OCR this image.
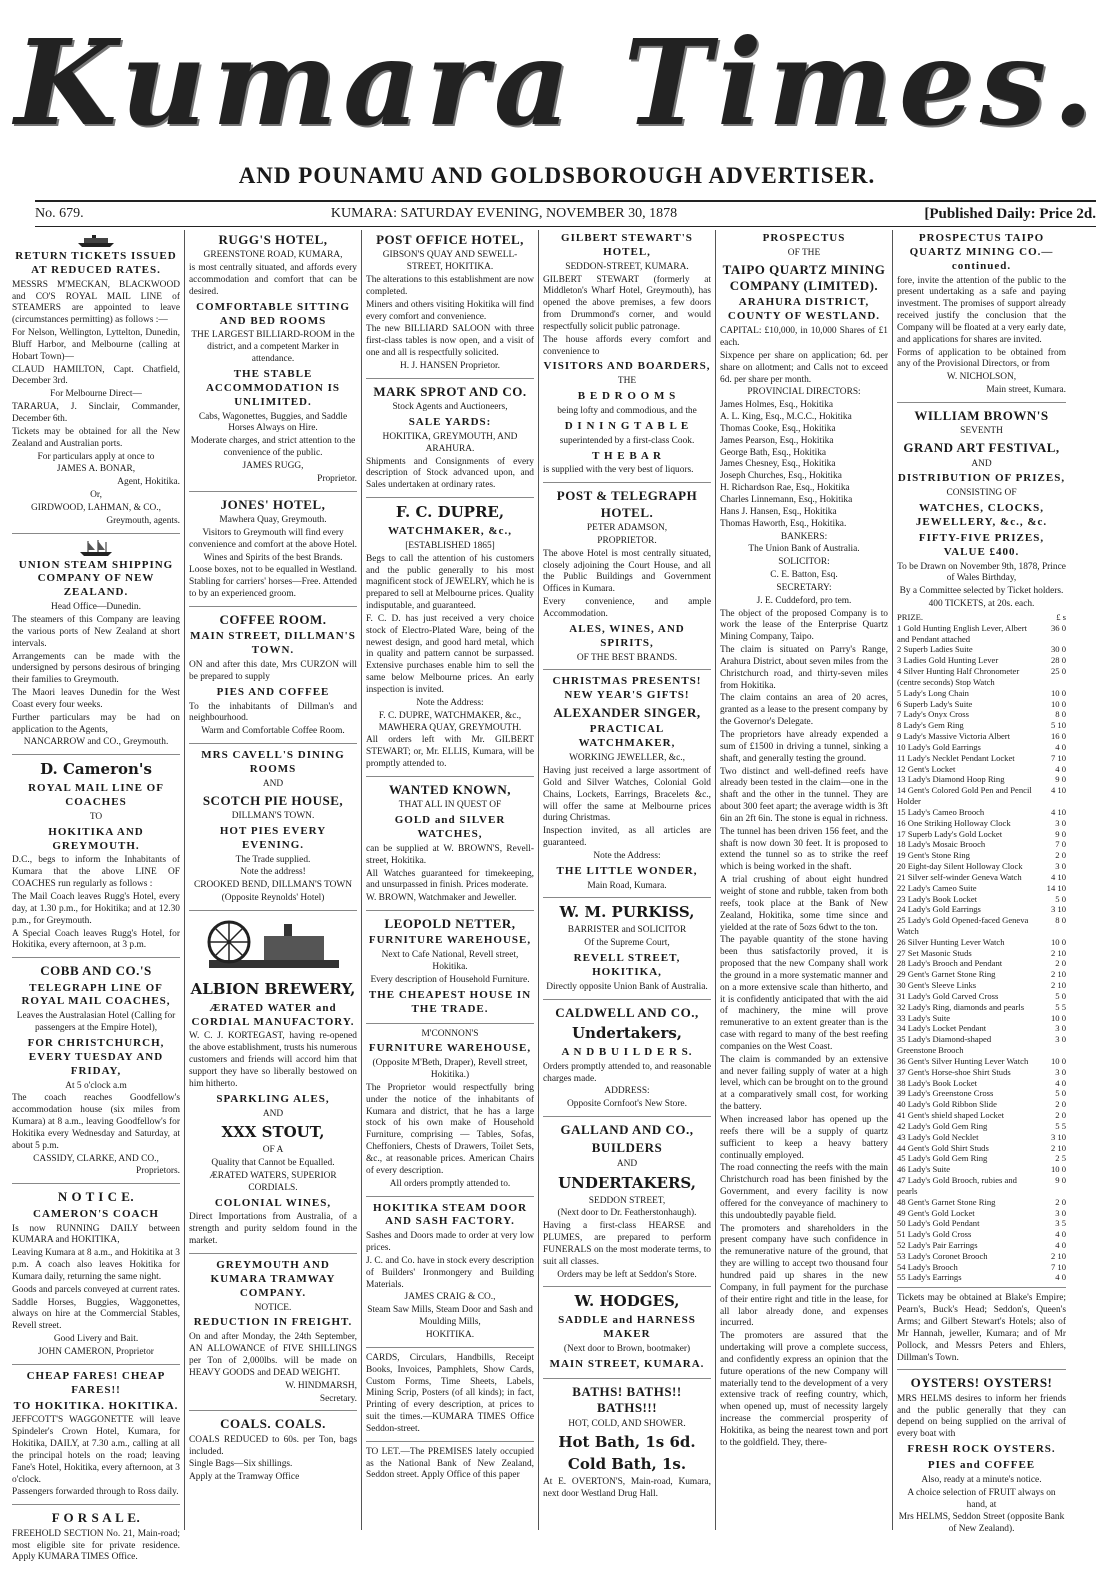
Kumara Times.
AND POUNAMU AND GOLDSBOROUGH ADVERTISER.
No. 679.	KUMARA: SATURDAY EVENING, NOVEMBER 30, 1878	[Published Daily: Price 2d.
RETURN TICKETS ISSUED AT REDUCED RATES.
MESSRS M'MECKAN, BLACKWOOD and CO'S ROYAL MAIL LINE of STEAMERS are appointed to leave (circumstances permitting) as follows :—
For Nelson, Wellington, Lyttelton, Dunedin, Bluff Harbor, and Melbourne (calling at Hobart Town)—
CLAUD HAMILTON, Capt. Chatfield, December 3rd.
For Melbourne Direct—
TARARUA, J. Sinclair, Commander, December 6th.
Tickets may be obtained for all the New Zealand and Australian ports.
For particulars apply at once to
JAMES A. BONAR,
Agent, Hokitika.
Or,
GIRDWOOD, LAHMAN, & CO.,
Greymouth, agents.
UNION STEAM SHIPPING COMPANY OF NEW ZEALAND.
Head Office—Dunedin.
The steamers of this Company are leaving the various ports of New Zealand at short intervals.
Arrangements can be made with the undersigned by persons desirous of bringing their families to Greymouth.
The Maori leaves Dunedin for the West Coast every four weeks.
Further particulars may be had on application to the Agents,
NANCARROW and CO., Greymouth.
D. Cameron's
ROYAL MAIL LINE OF COACHES
TO
HOKITIKA AND GREYMOUTH.
D.C., begs to inform the Inhabitants of Kumara that the above LINE OF COACHES run regularly as follows :
The Mail Coach leaves Rugg's Hotel, every day, at 1.30 p.m., for Hokitika; and at 12.30 p.m., for Greymouth.
A Special Coach leaves Rugg's Hotel, for Hokitika, every afternoon, at 3 p.m.
COBB AND CO.'S
TELEGRAPH LINE OF ROYAL MAIL COACHES,
Leaves the Australasian Hotel (Calling for passengers at the Empire Hotel),
FOR CHRISTCHURCH, EVERY TUESDAY AND FRIDAY,
At 5 o'clock a.m
The coach reaches Goodfellow's accommodation house (six miles from Kumara) at 8 a.m., leaving Goodfellow's for Hokitika every Wednesday and Saturday, at about 5 p.m.
CASSIDY, CLARKE, AND CO.,
Proprietors.
N O T I C E.
CAMERON'S COACH
Is now RUNNING DAILY between KUMARA and HOKITIKA,
Leaving Kumara at 8 a.m., and Hokitika at 3 p.m. A coach also leaves Hokitika for Kumara daily, returning the same night.
Goods and parcels conveyed at current rates.
Saddle Horses, Buggies, Waggonettes, always on hire at the Commercial Stables, Revell street.
Good Livery and Bait.
JOHN CAMERON, Proprietor
CHEAP FARES! CHEAP FARES!!
TO HOKITIKA. HOKITIKA.
JEFFCOTT'S WAGGONETTE will leave Spindeler's Crown Hotel, Kumara, for Hokitika, DAILY, at 7.30 a.m., calling at all the principal hotels on the road; leaving Fane's Hotel, Hokitika, every afternoon, at 3 o'clock.
Passengers forwarded through to Ross daily.
F O R S A L E.
FREEHOLD SECTION No. 21, Main-road; most eligible site for private residence. Apply KUMARA TIMES Office.
RUGG'S HOTEL,
GREENSTONE ROAD, KUMARA,
is most centrally situated, and affords every accommodation and comfort that can be desired.
COMFORTABLE SITTING AND BED ROOMS
THE LARGEST BILLIARD-ROOM in the district, and a competent Marker in attendance.
THE STABLE ACCOMMODATION IS UNLIMITED.
Cabs, Wagonettes, Buggies, and Saddle Horses Always on Hire.
Moderate charges, and strict attention to the convenience of the public.
JAMES RUGG,
Proprietor.
JONES' HOTEL,
Mawhera Quay, Greymouth.
Visitors to Greymouth will find every convenience and comfort at the above Hotel.
Wines and Spirits of the best Brands.
Loose boxes, not to be equalled in Westland. Stabling for carriers' horses—Free. Attended to by an experienced groom.
COFFEE ROOM.
MAIN STREET, DILLMAN'S TOWN.
ON and after this date, Mrs CURZON will be prepared to supply
PIES AND COFFEE
To the inhabitants of Dillman's and neighbourhood.
Warm and Comfortable Coffee Room.
MRS CAVELL'S DINING ROOMS
AND
SCOTCH PIE HOUSE,
DILLMAN'S TOWN.
HOT PIES EVERY EVENING.
The Trade supplied.
Note the address!
CROOKED BEND, DILLMAN'S TOWN
(Opposite Reynolds' Hotel)
ALBION BREWERY,
ÆRATED WATER and CORDIAL MANUFACTORY.
W. C. J. KORTEGAST, having re-opened the above establishment, trusts his numerous customers and friends will accord him that support they have so liberally bestowed on him hitherto.
SPARKLING ALES,
AND
XXX STOUT,
OF A
Quality that Cannot be Equalled.
ÆRATED WATERS, SUPERIOR CORDIALS.
COLONIAL WINES,
Direct Importations from Australia, of a strength and purity seldom found in the market.
GREYMOUTH AND KUMARA TRAMWAY COMPANY.
NOTICE.
REDUCTION IN FREIGHT.
On and after Monday, the 24th September, AN ALLOWANCE of FIVE SHILLINGS per Ton of 2,000lbs. will be made on HEAVY GOODS and DEAD WEIGHT.
W. HINDMARSH,
Secretary.
COALS. COALS.
COALS REDUCED to 60s. per Ton, bags included.
Single Bags—Six shillings.
Apply at the Tramway Office
POST OFFICE HOTEL,
GIBSON'S QUAY AND SEWELL-STREET, HOKITIKA.
The alterations to this establishment are now completed.
Miners and others visiting Hokitika will find every comfort and convenience.
The new BILLIARD SALOON with three first-class tables is now open, and a visit of one and all is respectfully solicited.
H. J. HANSEN Proprietor.
MARK SPROT AND CO.
Stock Agents and Auctioneers,
SALE YARDS:
HOKITIKA, GREYMOUTH, AND ARAHURA.
Shipments and Consignments of every description of Stock advanced upon, and Sales undertaken at ordinary rates.
F. C. DUPRE,
WATCHMAKER, &c.,
[ESTABLISHED 1865]
Begs to call the attention of his customers and the public generally to his most magnificent stock of JEWELRY, which he is prepared to sell at Melbourne prices. Quality indisputable, and guaranteed.
F. C. D. has just received a very choice stock of Electro-Plated Ware, being of the newest design, and good hard metal, which in quality and pattern cannot be surpassed. Extensive purchases enable him to sell the same below Melbourne prices. An early inspection is invited.
Note the Address:
F. C. DUPRE, WATCHMAKER, &c., MAWHERA QUAY, GREYMOUTH.
All orders left with Mr. GILBERT STEWART; or, Mr. ELLIS, Kumara, will be promptly attended to.
WANTED KNOWN,
THAT ALL IN QUEST OF
GOLD and SILVER WATCHES,
can be supplied at W. BROWN'S, Revell-street, Hokitika.
All Watches guaranteed for timekeeping, and unsurpassed in finish. Prices moderate.
W. BROWN, Watchmaker and Jeweller.
LEOPOLD NETTER,
FURNITURE WAREHOUSE,
Next to Cafe National, Revell street, Hokitika.
Every description of Household Furniture.
THE CHEAPEST HOUSE IN THE TRADE.
M'CONNON'S
FURNITURE WAREHOUSE,
(Opposite M'Beth, Draper), Revell street, Hokitika.)
The Proprietor would respectfully bring under the notice of the inhabitants of Kumara and district, that he has a large stock of his own make of Household Furniture, comprising — Tables, Sofas, Cheffoniers, Chests of Drawers, Toilet Sets, &c., at reasonable prices. American Chairs of every description.
All orders promptly attended to.
HOKITIKA STEAM DOOR AND SASH FACTORY.
Sashes and Doors made to order at very low prices.
J. C. and Co. have in stock every description of Builders' Ironmongery and Building Materials.
JAMES CRAIG & CO.,
Steam Saw Mills, Steam Door and Sash and Moulding Mills,
HOKITIKA.
CARDS, Circulars, Handbills, Receipt Books, Invoices, Pamphlets, Show Cards, Custom Forms, Time Sheets, Labels, Mining Scrip, Posters (of all kinds); in fact, Printing of every description, at prices to suit the times.—KUMARA TIMES Office Seddon-street.
TO LET.—The PREMISES lately occupied as the National Bank of New Zealand, Seddon street. Apply Office of this paper
GILBERT STEWART'S HOTEL,
SEDDON-STREET, KUMARA.
GILBERT STEWART (formerly at Middleton's Wharf Hotel, Greymouth), has opened the above premises, a few doors from Drummond's corner, and would respectfully solicit public patronage.
The house affords every comfort and convenience to
VISITORS AND BOARDERS,
THE
B E D R O O M S
being lofty and commodious, and the
D I N I N G T A B L E
superintended by a first-class Cook.
T H E B A R
is supplied with the very best of liquors.
POST & TELEGRAPH HOTEL.
PETER ADAMSON,
PROPRIETOR.
The above Hotel is most centrally situated, closely adjoining the Court House, and all the Public Buildings and Government Offices in Kumara.
Every convenience, and ample Accommodation.
ALES, WINES, AND SPIRITS,
OF THE BEST BRANDS.
CHRISTMAS PRESENTS! NEW YEAR'S GIFTS!
ALEXANDER SINGER,
PRACTICAL WATCHMAKER,
WORKING JEWELLER, &c.,
Having just received a large assortment of Gold and Silver Watches, Colonial Gold Chains, Lockets, Earrings, Bracelets &c., will offer the same at Melbourne prices during Christmas.
Inspection invited, as all articles are guaranteed.
Note the Address:
THE LITTLE WONDER,
Main Road, Kumara.
W. M. PURKISS,
BARRISTER and SOLICITOR
Of the Supreme Court,
REVELL STREET, HOKITIKA,
Directly opposite Union Bank of Australia.
CALDWELL AND CO.,
Undertakers,
A N D B U I L D E R S.
Orders promptly attended to, and reasonable charges made.
ADDRESS:
Opposite Cornfoot's New Store.
GALLAND AND CO.,
BUILDERS
AND
UNDERTAKERS,
SEDDON STREET,
(Next door to Dr. Featherstonhaugh).
Having a first-class HEARSE and PLUMES, are prepared to perform FUNERALS on the most moderate terms, to suit all classes.
Orders may be left at Seddon's Store.
W. HODGES,
SADDLE and HARNESS MAKER
(Next door to Brown, bootmaker)
MAIN STREET, KUMARA.
BATHS! BATHS!! BATHS!!!
HOT, COLD, AND SHOWER.
Hot Bath, 1s 6d.
Cold Bath, 1s.
At E. OVERTON'S, Main-road, Kumara, next door Westland Drug Hall.
PROSPECTUS
OF THE
TAIPO QUARTZ MINING COMPANY (LIMITED).
ARAHURA DISTRICT, COUNTY OF WESTLAND.
CAPITAL: £10,000, in 10,000 Shares of £1 each.
Sixpence per share on application; 6d. per share on allotment; and Calls not to exceed 6d. per share per month.
PROVINCIAL DIRECTORS:
James Holmes, Esq., Hokitika
A. L. King, Esq., M.C.C., Hokitika
Thomas Cooke, Esq., Hokitika
James Pearson, Esq., Hokitika
George Bath, Esq., Hokitika
James Chesney, Esq., Hokitika
Joseph Churches, Esq., Hokitika
H. Richardson Rae, Esq., Hokitika
Charles Linnemann, Esq., Hokitika
Hans J. Hansen, Esq., Hokitika
Thomas Haworth, Esq., Hokitika.
BANKERS:
The Union Bank of Australia.
SOLICITOR:
C. E. Batton, Esq.
SECRETARY:
J. E. Cuddeford, pro tem.
The object of the proposed Company is to work the lease of the Enterprise Quartz Mining Company, Taipo.
The claim is situated on Parry's Range, Arahura District, about seven miles from the Christchurch road, and thirty-seven miles from Hokitika.
The claim contains an area of 20 acres, granted as a lease to the present company by the Governor's Delegate.
The proprietors have already expended a sum of £1500 in driving a tunnel, sinking a shaft, and generally testing the ground.
Two distinct and well-defined reefs have already been tested in the claim—one in the shaft and the other in the tunnel. They are about 300 feet apart; the average width is 3ft 6in an 2ft 6in. The stone is equal in richness.
The tunnel has been driven 156 feet, and the shaft is now down 30 feet. It is proposed to extend the tunnel so as to strike the reef which is being worked in the shaft.
A trial crushing of about eight hundred weight of stone and rubble, taken from both reefs, took place at the Bank of New Zealand, Hokitika, some time since and yielded at the rate of 5ozs 6dwt to the ton.
The payable quantity of the stone having been thus satisfactorily proved, it is proposed that the new Company shall work the ground in a more systematic manner and on a more extensive scale than hitherto, and it is confidently anticipated that with the aid of machinery, the mine will prove remunerative to an extent greater than is the case with regard to many of the best reefing companies on the West Coast.
The claim is commanded by an extensive and never failing supply of water at a high level, which can be brought on to the ground at a comparatively small cost, for working the battery.
When increased labor has opened up the reefs there will be a supply of quartz sufficient to keep a heavy battery continually employed.
The road connecting the reefs with the main Christchurch road has been finished by the Government, and every facility is now offered for the conveyance of machinery to this undoubtedly payable field.
The promoters and shareholders in the present company have such confidence in the remunerative nature of the ground, that they are willing to accept two thousand four hundred paid up shares in the new Company, in full payment for the purchase of their entire right and title in the lease, for all labor already done, and expenses incurred.
The promoters are assured that the undertaking will prove a complete success, and confidently express an opinion that the future operations of the new Company will materially tend to the development of a very extensive track of reefing country, which, when opened up, must of necessity largely increase the commercial prosperity of Hokitika, as being the nearest town and port to the goldfield. They, there-
PROSPECTUS TAIPO QUARTZ MINING CO.—continued.
fore, invite the attention of the public to the present undertaking as a safe and paying investment. The promises of support already received justify the conclusion that the Company will be floated at a very early date, and applications for shares are invited.
Forms of application to be obtained from any of the Provisional Directors, or from
W. NICHOLSON,
Main street, Kumara.
WILLIAM BROWN'S
SEVENTH
GRAND ART FESTIVAL,
AND
DISTRIBUTION OF PRIZES,
CONSISTING OF
WATCHES, CLOCKS, JEWELLERY, &c., &c.
FIFTY-FIVE PRIZES, VALUE £400.
To be Drawn on November 9th, 1878, Prince of Wales Birthday,
By a Committee selected by Ticket holders.
400 TICKETS, at 20s. each.
PRIZE.	£ s
1 Gold Hunting English Lever, Albert and Pendant attached	36 0
2 Superb Ladies Suite	30 0
3 Ladies Gold Hunting Lever	28 0
4 Silver Hunting Half Chronometer (centre seconds) Stop Watch	25 0
5 Lady's Long Chain	10 0
6 Superb Lady's Suite	10 0
7 Lady's Onyx Cross	8 0
8 Lady's Gem Ring	5 10
9 Lady's Massive Victoria Albert	16 0
10 Lady's Gold Earrings	4 0
11 Lady's Necklet Pendant Locket	7 10
12 Gent's Locket	4 0
13 Lady's Diamond Hoop Ring	9 0
14 Gent's Colored Gold Pen and Pencil Holder	4 10
15 Lady's Cameo Brooch	4 10
16 One Striking Holloway Clock	3 0
17 Superb Lady's Gold Locket	9 0
18 Lady's Mosaic Brooch	7 0
19 Gent's Stone Ring	2 0
20 Eight-day Silent Holloway Clock	3 0
21 Silver self-winder Geneva Watch	4 10
22 Lady's Cameo Suite	14 10
23 Lady's Book Locket	5 0
24 Lady's Gold Earrings	3 10
25 Lady's Gold Opened-faced Geneva Watch	8 0
26 Silver Hunting Lever Watch	10 0
27 Set Masonic Studs	2 10
28 Lady's Brooch and Pendant	2 0
29 Gent's Garnet Stone Ring	2 10
30 Gent's Sleeve Links	2 10
31 Lady's Gold Carved Cross	5 0
32 Lady's Ring, diamonds and pearls	5 5
33 Lady's Suite	10 0
34 Lady's Locket Pendant	3 0
35 Lady's Diamond-shaped Greenstone Brooch	3 0
36 Gent's Silver Hunting Lever Watch	10 0
37 Gent's Horse-shoe Shirt Studs	3 0
38 Lady's Book Locket	4 0
39 Lady's Greenstone Cross	5 0
40 Lady's Gold Ribbon Slide	2 0
41 Gent's shield shaped Locket	2 0
42 Lady's Gold Gem Ring	5 5
43 Lady's Gold Necklet	3 10
44 Gent's Gold Shirt Studs	2 10
45 Lady's Gold Gem Ring	2 5
46 Lady's Suite	10 0
47 Lady's Gold Brooch, rubies and pearls	9 0
48 Gent's Garnet Stone Ring	2 0
49 Gent's Gold Locket	3 0
50 Lady's Gold Pendant	3 5
51 Lady's Gold Cross	4 0
52 Lady's Pair Earrings	4 0
53 Lady's Coronet Brooch	2 10
54 Lady's Brooch	7 10
55 Lady's Earrings	4 0
Tickets may be obtained at Blake's Empire; Pearn's, Buck's Head; Seddon's, Queen's Arms; and Gilbert Stewart's Hotels; also of Mr Hannah, jeweller, Kumara; and of Mr Pollock, and Messrs Peters and Ehlers, Dillman's Town.
OYSTERS! OYSTERS!
MRS HELMS desires to inform her friends and the public generally that they can depend on being supplied on the arrival of every boat with
FRESH ROCK OYSTERS.
PIES and COFFEE
Also, ready at a minute's notice.
A choice selection of FRUIT always on hand, at
Mrs HELMS, Seddon Street (opposite Bank of New Zealand).
